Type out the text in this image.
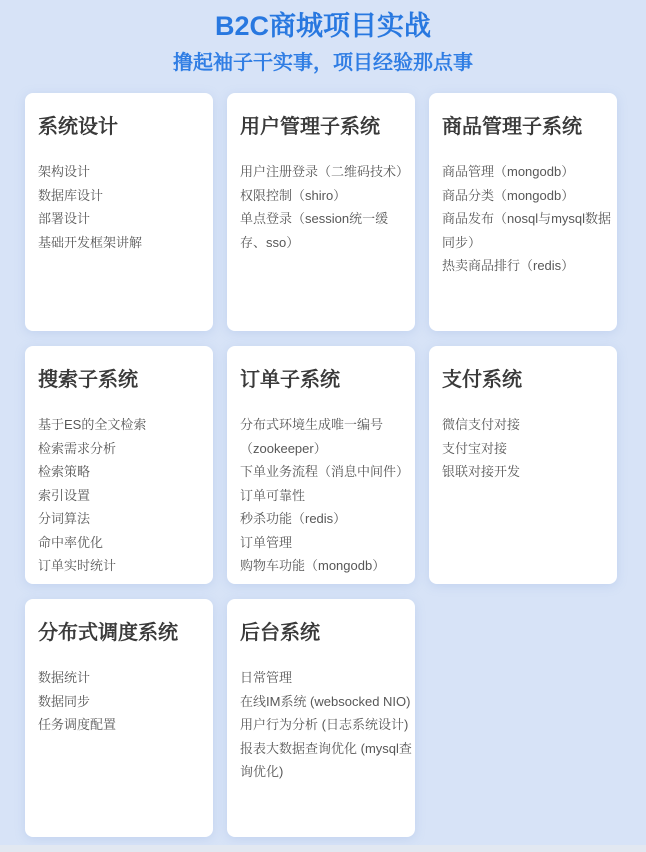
B2C商城项目实战
撸起袖子干实事，项目经验那点事
系统设计
架构设计
数据库设计
部署设计
基础开发框架讲解
用户管理子系统
用户注册登录（二维码技术）
权限控制（shiro）
单点登录（session统一缓存、sso）
商品管理子系统
商品管理（mongodb）
商品分类（mongodb）
商品发布（nosql与mysql数据同步）
热卖商品排行（redis）
搜索子系统
基于ES的全文检索
检索需求分析
检索策略
索引设置
分词算法
命中率优化
订单实时统计
订单子系统
分布式环境生成唯一编号（zookeeper）
下单业务流程（消息中间件）
订单可靠性
秒杀功能（redis）
订单管理
购物车功能（mongodb）
支付系统
微信支付对接
支付宝对接
银联对接开发
分布式调度系统
数据统计
数据同步
任务调度配置
后台系统
日常管理
在线IM系统 (websocked NIO)
用户行为分析 (日志系统设计)
报表大数据查询优化 (mysql查询优化)
